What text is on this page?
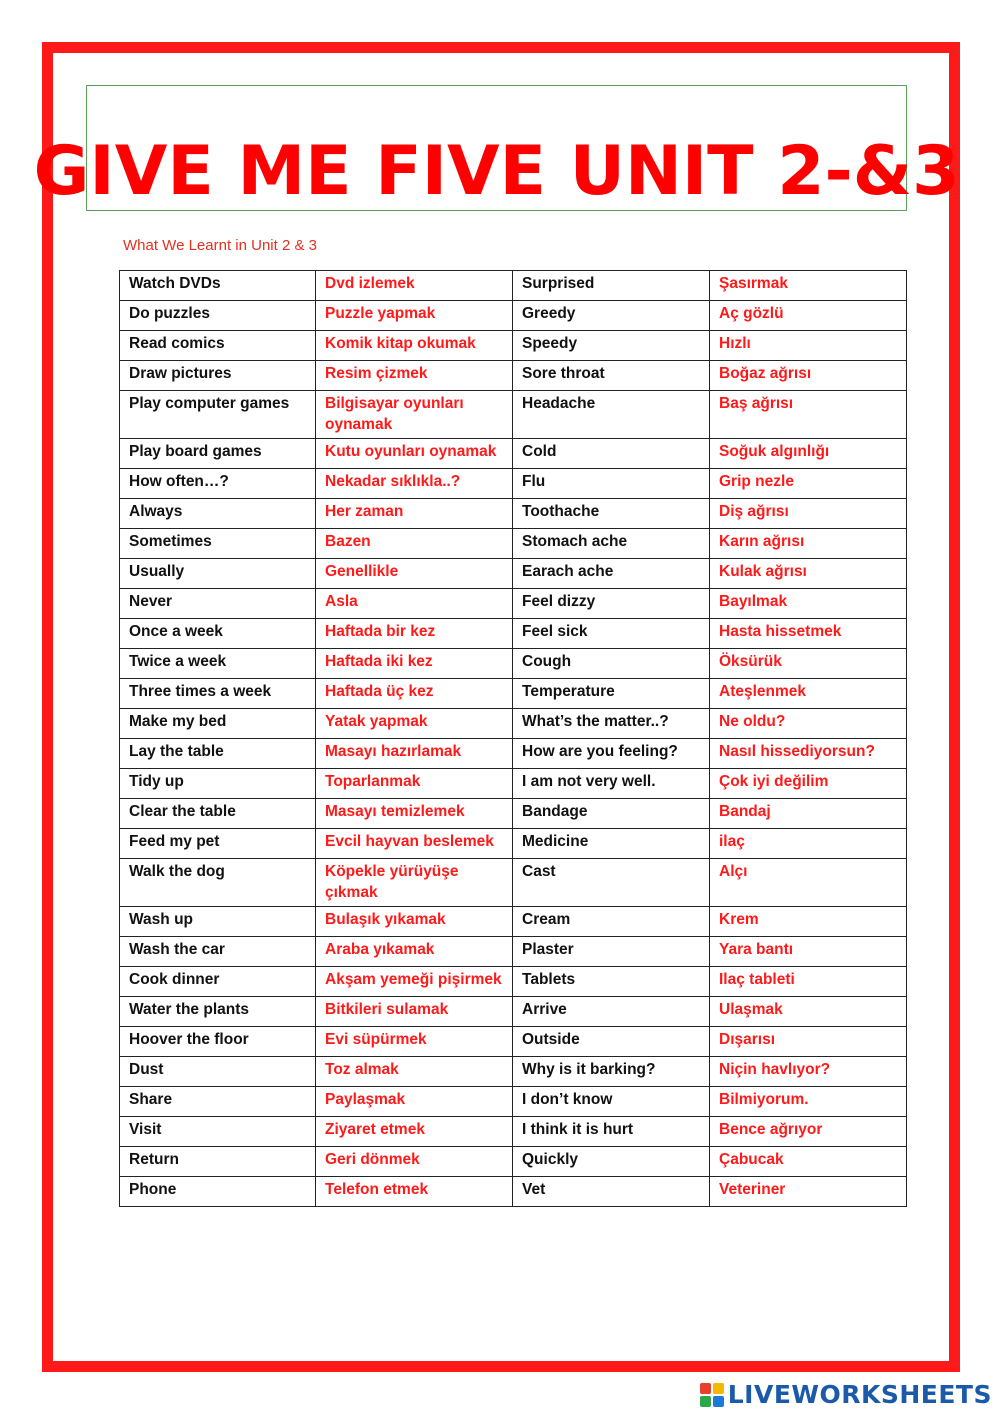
GIVE ME FIVE UNIT 2-&3

What We Learnt in Unit 2 & 3

Watch DVDs	Dvd izlemek	Surprised	Şasırmak
Do puzzles	Puzzle yapmak	Greedy	Aç gözlü
Read comics	Komik kitap okumak	Speedy	Hızlı
Draw pictures	Resim çizmek	Sore throat	Boğaz ağrısı
Play computer games	Bilgisayar oyunları oynamak	Headache	Baş ağrısı
Play board games	Kutu oyunları oynamak	Cold	Soğuk algınlığı
How often…?	Nekadar sıklıkla..?	Flu	Grip nezle
Always	Her zaman	Toothache	Diş ağrısı
Sometimes	Bazen	Stomach ache	Karın ağrısı
Usually	Genellikle	Earach ache	Kulak ağrısı
Never	Asla	Feel dizzy	Bayılmak
Once a week	Haftada bir kez	Feel sick	Hasta hissetmek
Twice a week	Haftada iki kez	Cough	Öksürük
Three times a week	Haftada üç kez	Temperature	Ateşlenmek
Make my bed	Yatak yapmak	What’s the matter..?	Ne oldu?
Lay the table	Masayı hazırlamak	How are you feeling?	Nasıl hissediyorsun?
Tidy up	Toparlanmak	I am not very well.	Çok iyi değilim
Clear the table	Masayı temizlemek	Bandage	Bandaj
Feed my pet	Evcil hayvan beslemek	Medicine	ilaç
Walk the dog	Köpekle yürüyüşe çıkmak	Cast	Alçı
Wash up	Bulaşık yıkamak	Cream	Krem
Wash the car	Araba yıkamak	Plaster	Yara bantı
Cook dinner	Akşam yemeği pişirmek	Tablets	Ilaç tableti
Water the plants	Bitkileri sulamak	Arrive	Ulaşmak
Hoover the floor	Evi süpürmek	Outside	Dışarısı
Dust	Toz almak	Why is it barking?	Niçin havlıyor?
Share	Paylaşmak	I don’t know	Bilmiyorum.
Visit	Ziyaret etmek	I think it is hurt	Bence ağrıyor
Return	Geri dönmek	Quickly	Çabucak
Phone	Telefon etmek	Vet	Veteriner
LIVEWORKSHEETS
